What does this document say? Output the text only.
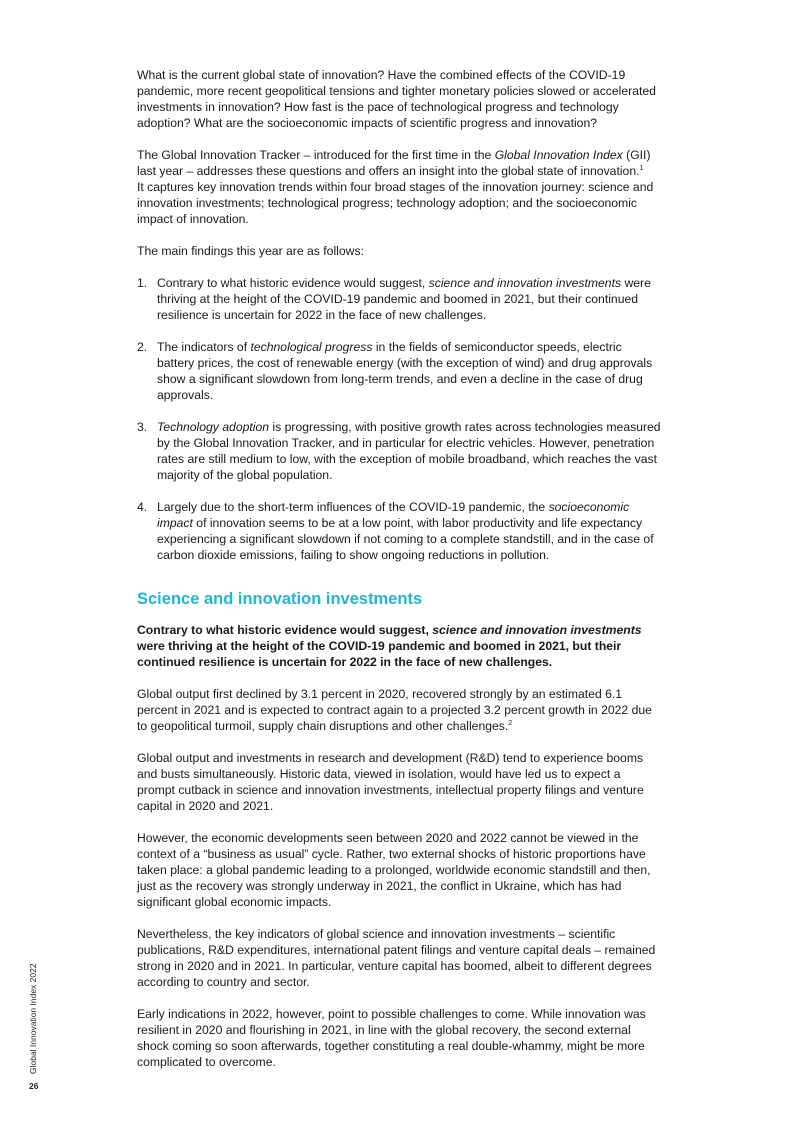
What is the current global state of innovation? Have the combined effects of the COVID-19 pandemic, more recent geopolitical tensions and tighter monetary policies slowed or accelerated investments in innovation? How fast is the pace of technological progress and technology adoption? What are the socioeconomic impacts of scientific progress and innovation?

The Global Innovation Tracker – introduced for the first time in the Global Innovation Index (GII) last year – addresses these questions and offers an insight into the global state of innovation.$^1$
It captures key innovation trends within four broad stages of the innovation journey: science and innovation investments; technological progress; technology adoption; and the socioeconomic impact of innovation.

The main findings this year are as follows:

1. Contrary to what historic evidence would suggest, science and innovation investments were thriving at the height of the COVID-19 pandemic and boomed in 2021, but their continued resilience is uncertain for 2022 in the face of new challenges.
2. The indicators of technological progress in the fields of semiconductor speeds, electric battery prices, the cost of renewable energy (with the exception of wind) and drug approvals show a significant slowdown from long-term trends, and even a decline in the case of drug approvals.
3. Technology adoption is progressing, with positive growth rates across technologies measured by the Global Innovation Tracker, and in particular for electric vehicles. However, penetration rates are still medium to low, with the exception of mobile broadband, which reaches the vast majority of the global population.
4. Largely due to the short-term influences of the COVID-19 pandemic, the socioeconomic impact of innovation seems to be at a low point, with labor productivity and life expectancy experiencing a significant slowdown if not coming to a complete standstill, and in the case of carbon dioxide emissions, failing to show ongoing reductions in pollution.
Science and innovation investments

Contrary to what historic evidence would suggest, science and innovation investments were thriving at the height of the COVID-19 pandemic and boomed in 2021, but their continued resilience is uncertain for 2022 in the face of new challenges.

Global output first declined by 3.1 percent in 2020, recovered strongly by an estimated 6.1 percent in 2021 and is expected to contract again to a projected 3.2 percent growth in 2022 due to geopolitical turmoil, supply chain disruptions and other challenges.$^2$

Global output and investments in research and development (R&D) tend to experience booms and busts simultaneously. Historic data, viewed in isolation, would have led us to expect a prompt cutback in science and innovation investments, intellectual property filings and venture capital in 2020 and 2021.

However, the economic developments seen between 2020 and 2022 cannot be viewed in the context of a “business as usual” cycle. Rather, two external shocks of historic proportions have taken place: a global pandemic leading to a prolonged, worldwide economic standstill and then, just as the recovery was strongly underway in 2021, the conflict in Ukraine, which has had significant global economic impacts.

Nevertheless, the key indicators of global science and innovation investments – scientific publications, R&D expenditures, international patent filings and venture capital deals – remained strong in 2020 and in 2021. In particular, venture capital has boomed, albeit to different degrees according to country and sector.

Early indications in 2022, however, point to possible challenges to come. While innovation was resilient in 2020 and flourishing in 2021, in line with the global recovery, the second external shock coming so soon afterwards, together constituting a real double-whammy, might be more complicated to overcome.

Global Innovation Index 2022
26
